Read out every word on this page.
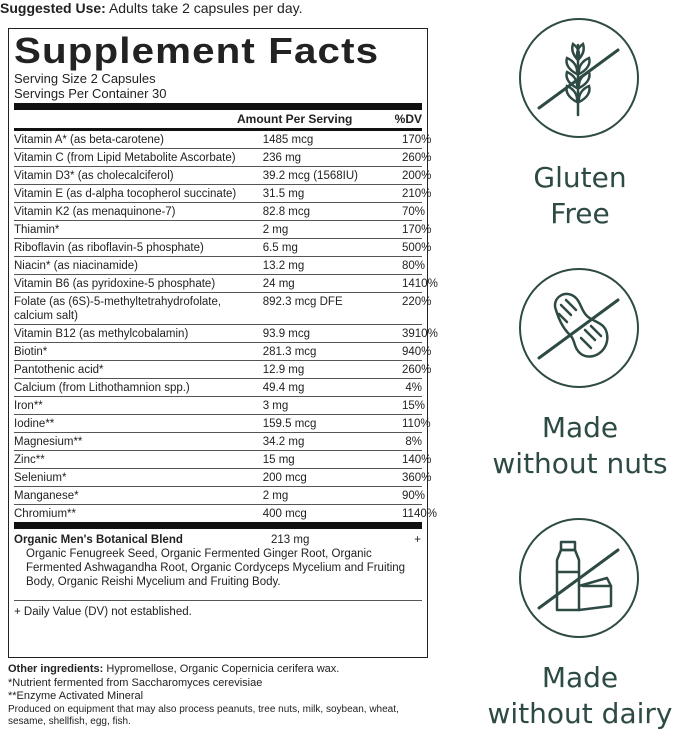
Suggested Use: Adults take 2 capsules per day.
Supplement Facts
Serving Size 2 Capsules
Servings Per Container 30
Amount Per Serving	%DV
Vitamin A* (as beta-carotene)	1485 mcg	170%
Vitamin C (from Lipid Metabolite Ascorbate)	236 mg	260%
Vitamin D3* (as cholecalciferol)	39.2 mcg (1568IU)	200%
Vitamin E (as d-alpha tocopherol succinate)	31.5 mg	210%
Vitamin K2 (as menaquinone-7)	82.8 mcg	70%
Thiamin*	2 mg	170%
Riboflavin (as riboflavin-5 phosphate)	6.5 mg	500%
Niacin* (as niacinamide)	13.2 mg	80%
Vitamin B6 (as pyridoxine-5 phosphate)	24 mg	1410%
Folate (as (6S)-5-methyltetrahydrofolate, calcium salt)
892.3 mcg DFE	220%
Vitamin B12 (as methylcobalamin)	93.9 mcg	3910%
Biotin*	281.3 mcg	940%
Pantothenic acid*	12.9 mg	260%
Calcium (from Lithothamnion spp.)	49.4 mg	4%
Iron**	3 mg	15%
Iodine**	159.5 mcg	110%
Magnesium**	34.2 mg	8%
Zinc**	15 mg	140%
Selenium*	200 mcg	360%
Manganese*	2 mg	90%
Chromium**	400 mcg	1140%
Organic Men's Botanical Blend	213 mg	+
Organic Fenugreek Seed, Organic Fermented Ginger Root, Organic Fermented Ashwagandha Root, Organic Cordyceps Mycelium and Fruiting Body, Organic Reishi Mycelium and Fruiting Body.
+ Daily Value (DV) not established.
Other ingredients: Hypromellose, Organic Copernicia cerifera wax.
*Nutrient fermented from Saccharomyces cerevisiae
**Enzyme Activated Mineral
Produced on equipment that may also process peanuts, tree nuts, milk, soybean, wheat, sesame, shellfish, egg, fish.
Gluten
Free
Made
without nuts
Made
without dairy
